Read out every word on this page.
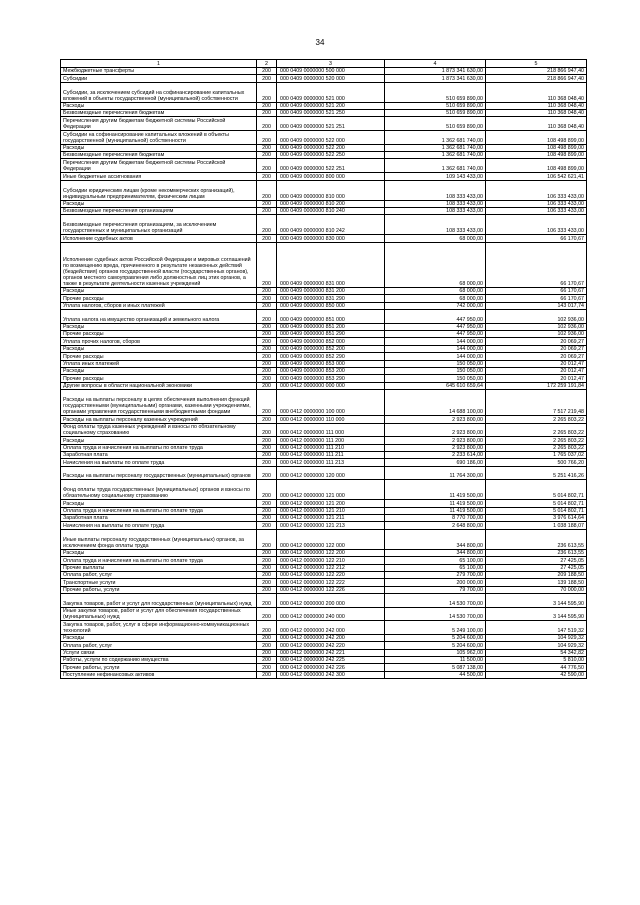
34
1	2	3	4	5
Межбюджетные трансферты	200	000 0409 0000000 500 000	1 873 341 630,00	218 866 947,40
Субсидии	200	000 0409 0000000 520 000	1 873 341 630,00	218 866 947,40
Субсидии, за исключением субсидий на софинансирование капитальных вложений в объекты государственной (муниципальной) собственности	200	000 0409 0000000 521 000	510 659 890,00	110 368 048,40
Расходы	200	000 0409 0000000 521 200	510 659 890,00	110 368 048,40
Безвозмездные перечисления бюджетам	200	000 0409 0000000 521 250	510 659 890,00	110 368 048,40
Перечисления другим бюджетам бюджетной системы Российской Федерации	200	000 0409 0000000 521 251	510 659 890,00	110 368 048,40
Субсидии на софинансирование капитальных вложений в объекты государственной (муниципальной) собственности	200	000 0409 0000000 522 000	1 362 681 740,00	108 498 899,00
Расходы	200	000 0409 0000000 522 200	1 362 681 740,00	108 498 899,00
Безвозмездные перечисления бюджетам	200	000 0409 0000000 522 250	1 362 681 740,00	108 498 899,00
Перечисления другим бюджетам бюджетной системы Российской Федерации	200	000 0409 0000000 522 251	1 362 681 740,00	108 498 899,00
Иные бюджетные ассигнования	200	000 0409 0000000 800 000	109 143 433,00	106 542 621,41
Субсидии юридическим лицам (кроме некоммерческих организаций), индивидуальным предпринимателям, физическим лицам	200	000 0409 0000000 810 000	108 333 433,00	106 333 433,00
Расходы	200	000 0409 0000000 810 200	108 333 433,00	106 333 433,00
Безвозмездные перечисления организациям	200	000 0409 0000000 810 240	108 333 433,00	106 333 433,00
Безвозмездные перечисления организациям, за исключением государственных и муниципальных организаций	200	000 0409 0000000 810 242	108 333 433,00	106 333 433,00
Исполнение судебных актов	200	000 0409 0000000 830 000	68 000,00	66 170,67
Исполнение судебных актов Российской Федерации и мировых соглашений по возмещению вреда, причиненного в результате незаконных действий (бездействия) органов государственной власти (государственных органов), органов местного самоуправления либо должностных лиц этих органов, а также в результате деятельности казенных учреждений	200	000 0409 0000000 831 000	68 000,00	66 170,67
Расходы	200	000 0409 0000000 831 200	68 000,00	66 170,67
Прочие расходы	200	000 0409 0000000 831 290	68 000,00	66 170,67
Уплата налогов, сборов и иных платежей	200	000 0409 0000000 850 000	742 000,00	143 017,74
Уплата налога на имущество организаций и земельного налога	200	000 0409 0000000 851 000	447 950,00	102 936,00
Расходы	200	000 0409 0000000 851 200	447 950,00	102 936,00
Прочие расходы	200	000 0409 0000000 851 290	447 950,00	102 936,00
Уплата прочих налогов, сборов	200	000 0409 0000000 852 000	144 000,00	20 069,27
Расходы	200	000 0409 0000000 852 200	144 000,00	20 069,27
Прочие расходы	200	000 0409 0000000 852 290	144 000,00	20 069,27
Уплата иных платежей	200	000 0409 0000000 853 000	150 050,00	20 012,47
Расходы	200	000 0409 0000000 853 200	150 050,00	20 012,47
Прочие расходы	200	000 0409 0000000 853 290	150 050,00	20 012,47
Другие вопросы в области национальной экономики	200	000 0412 0000000 000 000	645 610 659,64	172 259 191,84
Расходы на выплаты персоналу в целях обеспечения выполнения функций государственными (муниципальными) органами, казенными учреждениями, органами управления государственными внебюджетными фондами	200	000 0412 0000000 100 000	14 688 100,00	7 517 219,48
Расходы на выплаты персоналу казенных учреждений	200	000 0412 0000000 110 000	2 923 800,00	2 265 803,22
Фонд оплаты труда казенных учреждений и взносы по обязательному социальному страхованию	200	000 0412 0000000 111 000	2 923 800,00	2 265 803,22
Расходы	200	000 0412 0000000 111 200	2 923 800,00	2 265 803,22
Оплата труда и начисления на выплаты по оплате труда	200	000 0412 0000000 111 210	2 923 800,00	2 265 803,22
Заработная плата	200	000 0412 0000000 111 211	2 233 614,00	1 765 037,02
Начисления на выплаты по оплате труда	200	000 0412 0000000 111 213	690 186,00	500 766,20
Расходы на выплаты персоналу государственных (муниципальных) органов	200	000 0412 0000000 120 000	11 764 300,00	5 251 416,26
Фонд оплаты труда государственных (муниципальных) органов и взносы по обязательному социальному страхованию	200	000 0412 0000000 121 000	11 419 500,00	5 014 802,71
Расходы	200	000 0412 0000000 121 200	11 419 500,00	5 014 802,71
Оплата труда и начисления на выплаты по оплате труда	200	000 0412 0000000 121 210	11 419 500,00	5 014 802,71
Заработная плата	200	000 0412 0000000 121 211	8 770 700,00	3 976 614,64
Начисления на выплаты по оплате труда	200	000 0412 0000000 121 213	2 648 800,00	1 038 188,07
Иные выплаты персоналу государственных (муниципальных) органов, за исключением фонда оплаты труда	200	000 0412 0000000 122 000	344 800,00	236 613,55
Расходы	200	000 0412 0000000 122 200	344 800,00	236 613,55
Оплата труда и начисления на выплаты по оплате труда	200	000 0412 0000000 122 210	65 100,00	27 425,05
Прочие выплаты	200	000 0412 0000000 122 212	65 100,00	27 425,05
Оплата работ, услуг	200	000 0412 0000000 122 220	279 700,00	209 188,50
Транспортные услуги	200	000 0412 0000000 122 222	200 000,00	139 188,50
Прочие работы, услуги	200	000 0412 0000000 122 226	79 700,00	70 000,00
Закупка товаров, работ и услуг для государственных (муниципальных) нужд	200	000 0412 0000000 200 000	14 530 700,00	3 144 595,90
Иные закупки товаров, работ и услуг для обеспечения государственных (муниципальных) нужд	200	000 0412 0000000 240 000	14 530 700,00	3 144 595,90
Закупка товаров, работ, услуг в сфере информационно-коммуникационных технологий	200	000 0412 0000000 242 000	5 249 100,00	147 519,32
Расходы	200	000 0412 0000000 242 200	5 204 600,00	104 929,32
Оплата работ, услуг	200	000 0412 0000000 242 220	5 204 600,00	104 929,32
Услуги связи	200	000 0412 0000000 242 221	105 962,00	54 342,82
Работы, услуги по содержанию имущества	200	000 0412 0000000 242 225	11 500,00	5 810,00
Прочие работы, услуги	200	000 0412 0000000 242 226	5 087 138,00	44 776,50
Поступление нефинансовых активов	200	000 0412 0000000 242 300	44 500,00	42 590,00
